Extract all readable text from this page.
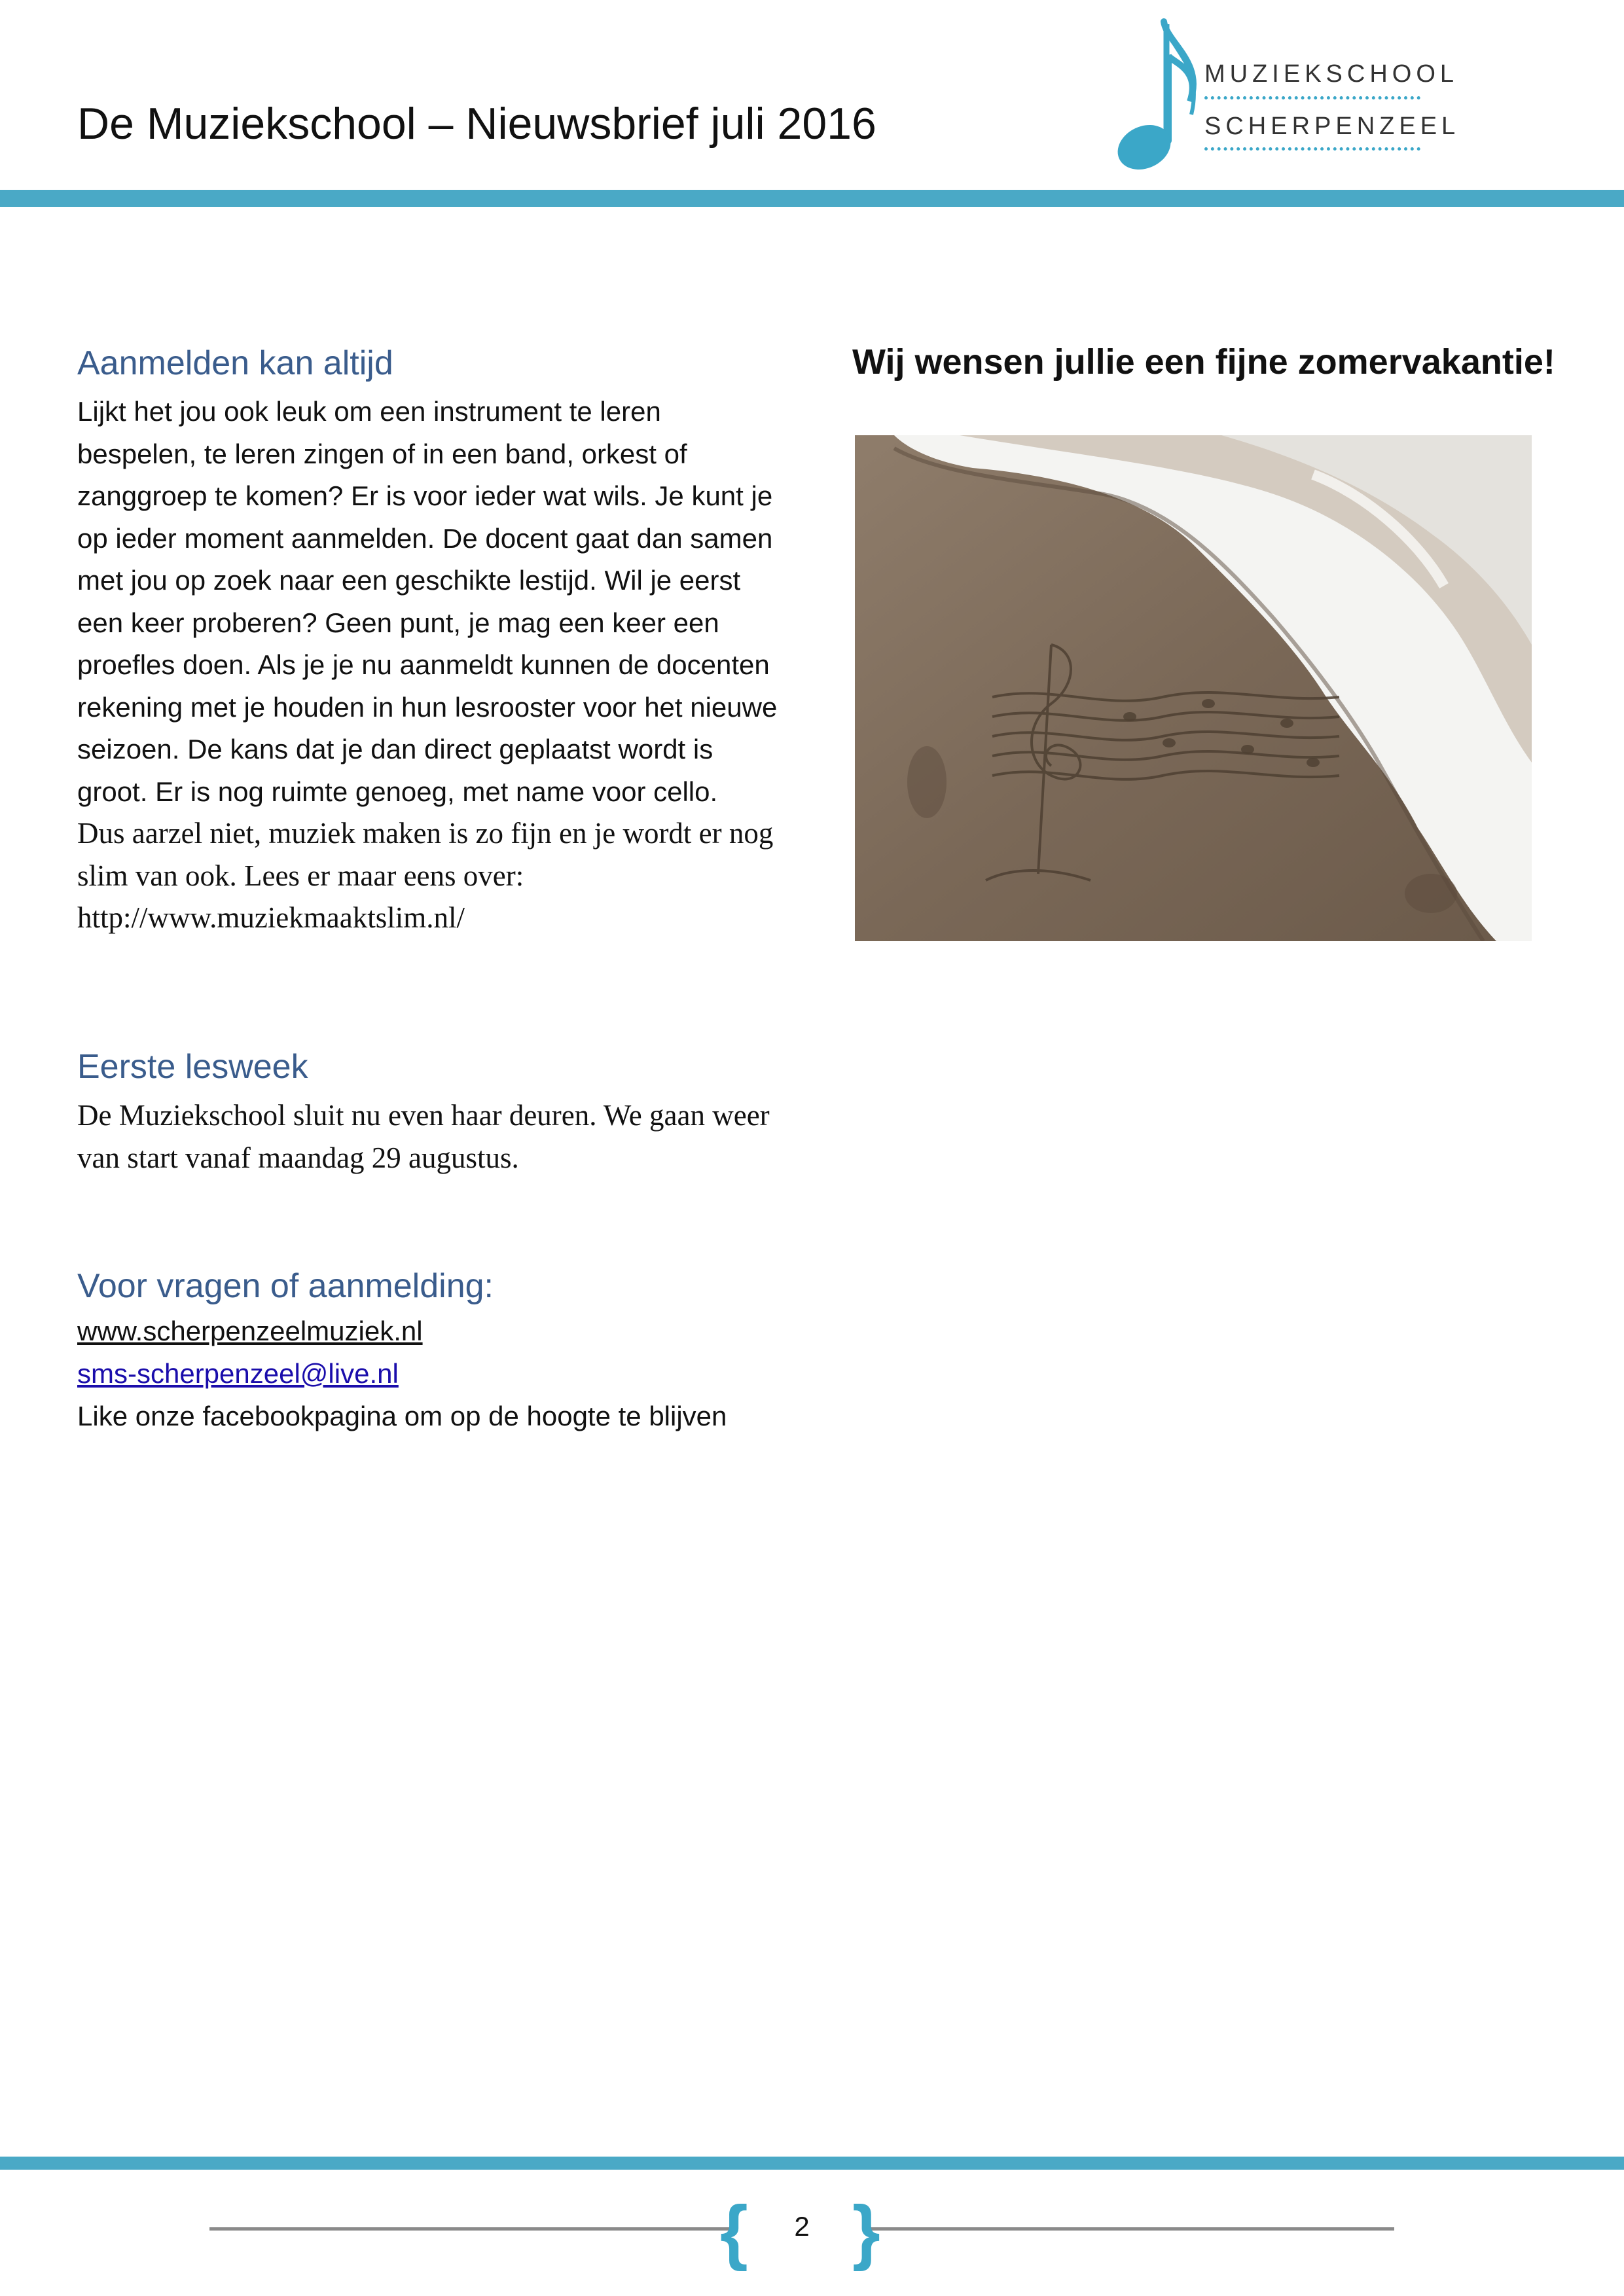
De Muziekschool – Nieuwsbrief juli 2016
MUZIEKSCHOOL
SCHERPENZEEL
Aanmelden kan altijd
Lijkt het jou ook leuk om een instrument te leren bespelen, te leren zingen of in een band, orkest of zanggroep te komen? Er is voor ieder wat wils. Je kunt je op ieder moment aanmelden. De docent gaat dan samen met jou op zoek naar een geschikte lestijd. Wil je eerst een keer proberen? Geen punt, je mag een keer een proefles doen. Als je je nu aanmeldt kunnen de docenten rekening met je houden in hun lesrooster voor het nieuwe seizoen. De kans dat je dan direct geplaatst wordt is groot. Er is nog ruimte genoeg, met name voor cello.
Dus aarzel niet, muziek maken is zo fijn en je wordt er nog slim van ook. Lees er maar eens over: http://www.muziekmaaktslim.nl/
Wij wensen jullie een fijne zomervakantie!
Eerste lesweek
De Muziekschool sluit nu even haar deuren. We gaan weer van start vanaf maandag 29 augustus.
Voor vragen of aanmelding:
www.scherpenzeelmuziek.nl
sms-scherpenzeel@live.nl
Like onze facebookpagina om op de hoogte te blijven
{	2 }
